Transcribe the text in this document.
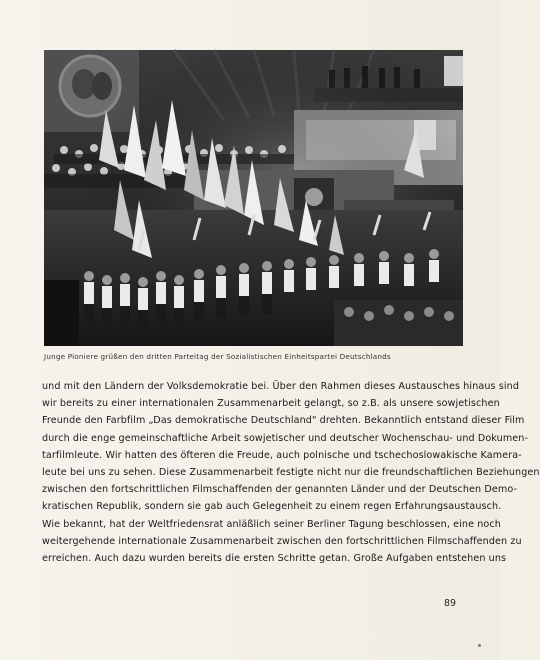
Junge Pioniere grüßen den dritten Parteitag der Sozialistischen Einheitspartei Deutschlands
und mit den Ländern der Volksdemokratie bei. Über den Rahmen dieses Austausches hinaus sind
wir bereits zu einer internationalen Zusammenarbeit gelangt, so z.B. als unsere sowjetischen
Freunde den Farbfilm „Das demokratische Deutschland" drehten. Bekanntlich entstand dieser Film
durch die enge gemeinschaftliche Arbeit sowjetischer und deutscher Wochenschau- und Dokumen-
tarfilmleute. Wir hatten des öfteren die Freude, auch polnische und tschechoslowakische Kamera-
leute bei uns zu sehen. Diese Zusammenarbeit festigte nicht nur die freundschaftlichen Beziehungen
zwischen den fortschrittlichen Filmschaffenden der genannten Länder und der Deutschen Demo-
kratischen Republik, sondern sie gab auch Gelegenheit zu einem regen Erfahrungsaustausch.
Wie bekannt, hat der Weltfriedensrat anläßlich seiner Berliner Tagung beschlossen, eine noch
weitergehende internationale Zusammenarbeit zwischen den fortschrittlichen Filmschaffenden zu
erreichen. Auch dazu wurden bereits die ersten Schritte getan. Große Aufgaben entstehen uns
89
